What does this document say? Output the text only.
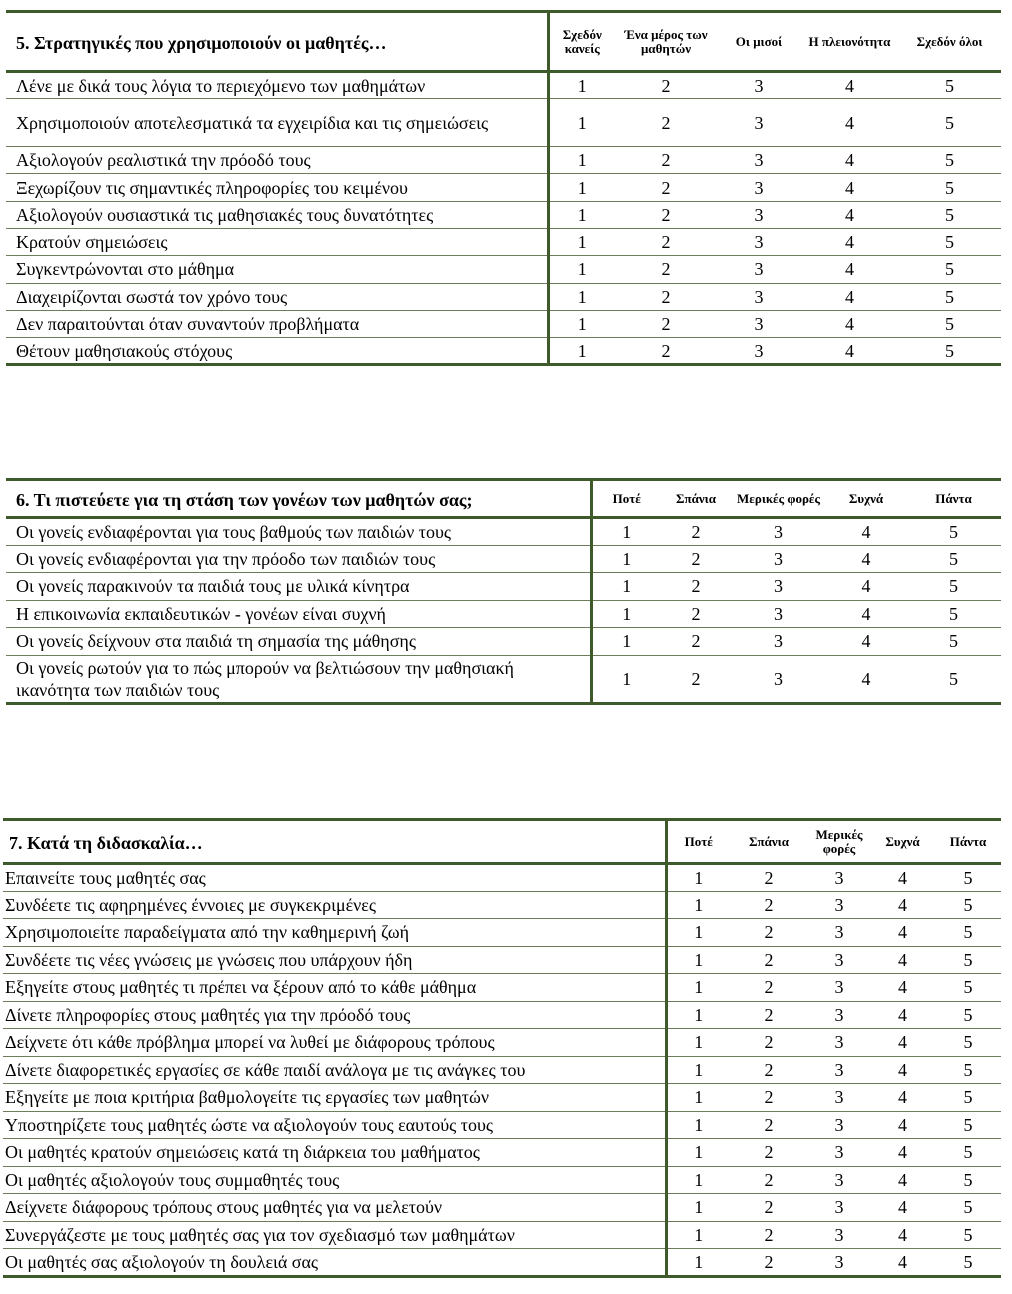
5. Στρατηγικές που χρησιμοποιούν οι μαθητές…	Σχεδόν κανείς	Ένα μέρος των μαθητών	Οι μισοί	Η πλειονότητα	Σχεδόν όλοι
Λένε με δικά τους λόγια το περιεχόμενο των μαθημάτων	1	2	3	4	5
Χρησιμοποιούν αποτελεσματικά τα εγχειρίδια και τις σημειώσεις	1	2	3	4	5
Αξιολογούν ρεαλιστικά την πρόοδό τους	1	2	3	4	5
Ξεχωρίζουν τις σημαντικές πληροφορίες του κειμένου	1	2	3	4	5
Αξιολογούν ουσιαστικά τις μαθησιακές τους δυνατότητες	1	2	3	4	5
Κρατούν σημειώσεις	1	2	3	4	5
Συγκεντρώνονται στο μάθημα	1	2	3	4	5
Διαχειρίζονται σωστά τον χρόνο τους	1	2	3	4	5
Δεν παραιτούνται όταν συναντούν προβλήματα	1	2	3	4	5
Θέτουν μαθησιακούς στόχους	1	2	3	4	5
6. Τι πιστεύετε για τη στάση των γονέων των μαθητών σας;	Ποτέ	Σπάνια	Μερικές φορές	Συχνά	Πάντα
Οι γονείς ενδιαφέρονται για τους βαθμούς των παιδιών τους	1	2	3	4	5
Οι γονείς ενδιαφέρονται για την πρόοδο των παιδιών τους	1	2	3	4	5
Οι γονείς παρακινούν τα παιδιά τους με υλικά κίνητρα	1	2	3	4	5
Η επικοινωνία εκπαιδευτικών - γονέων είναι συχνή	1	2	3	4	5
Οι γονείς δείχνουν στα παιδιά τη σημασία της μάθησης	1	2	3	4	5
Οι γονείς ρωτούν για το πώς μπορούν να βελτιώσουν την μαθησιακή ικανότητα των παιδιών τους	1	2	3	4	5
7. Κατά τη διδασκαλία…	Ποτέ	Σπάνια	Μερικές φορές	Συχνά	Πάντα
Επαινείτε τους μαθητές σας	1	2	3	4	5
Συνδέετε τις αφηρημένες έννοιες με συγκεκριμένες	1	2	3	4	5
Χρησιμοποιείτε παραδείγματα από την καθημερινή ζωή	1	2	3	4	5
Συνδέετε τις νέες γνώσεις με γνώσεις που υπάρχουν ήδη	1	2	3	4	5
Εξηγείτε στους μαθητές τι πρέπει να ξέρουν από το κάθε μάθημα	1	2	3	4	5
Δίνετε πληροφορίες στους μαθητές για την πρόοδό τους	1	2	3	4	5
Δείχνετε ότι κάθε πρόβλημα μπορεί να λυθεί με διάφορους τρόπους	1	2	3	4	5
Δίνετε διαφορετικές εργασίες σε κάθε παιδί ανάλογα με τις ανάγκες του	1	2	3	4	5
Εξηγείτε με ποια κριτήρια βαθμολογείτε τις εργασίες των μαθητών	1	2	3	4	5
Υποστηρίζετε τους μαθητές ώστε να αξιολογούν τους εαυτούς τους	1	2	3	4	5
Οι μαθητές κρατούν σημειώσεις κατά τη διάρκεια του μαθήματος	1	2	3	4	5
Οι μαθητές αξιολογούν τους συμμαθητές τους	1	2	3	4	5
Δείχνετε διάφορους τρόπους στους μαθητές για να μελετούν	1	2	3	4	5
Συνεργάζεστε με τους μαθητές σας για τον σχεδιασμό των μαθημάτων	1	2	3	4	5
Οι μαθητές σας αξιολογούν τη δουλειά σας	1	2	3	4	5
